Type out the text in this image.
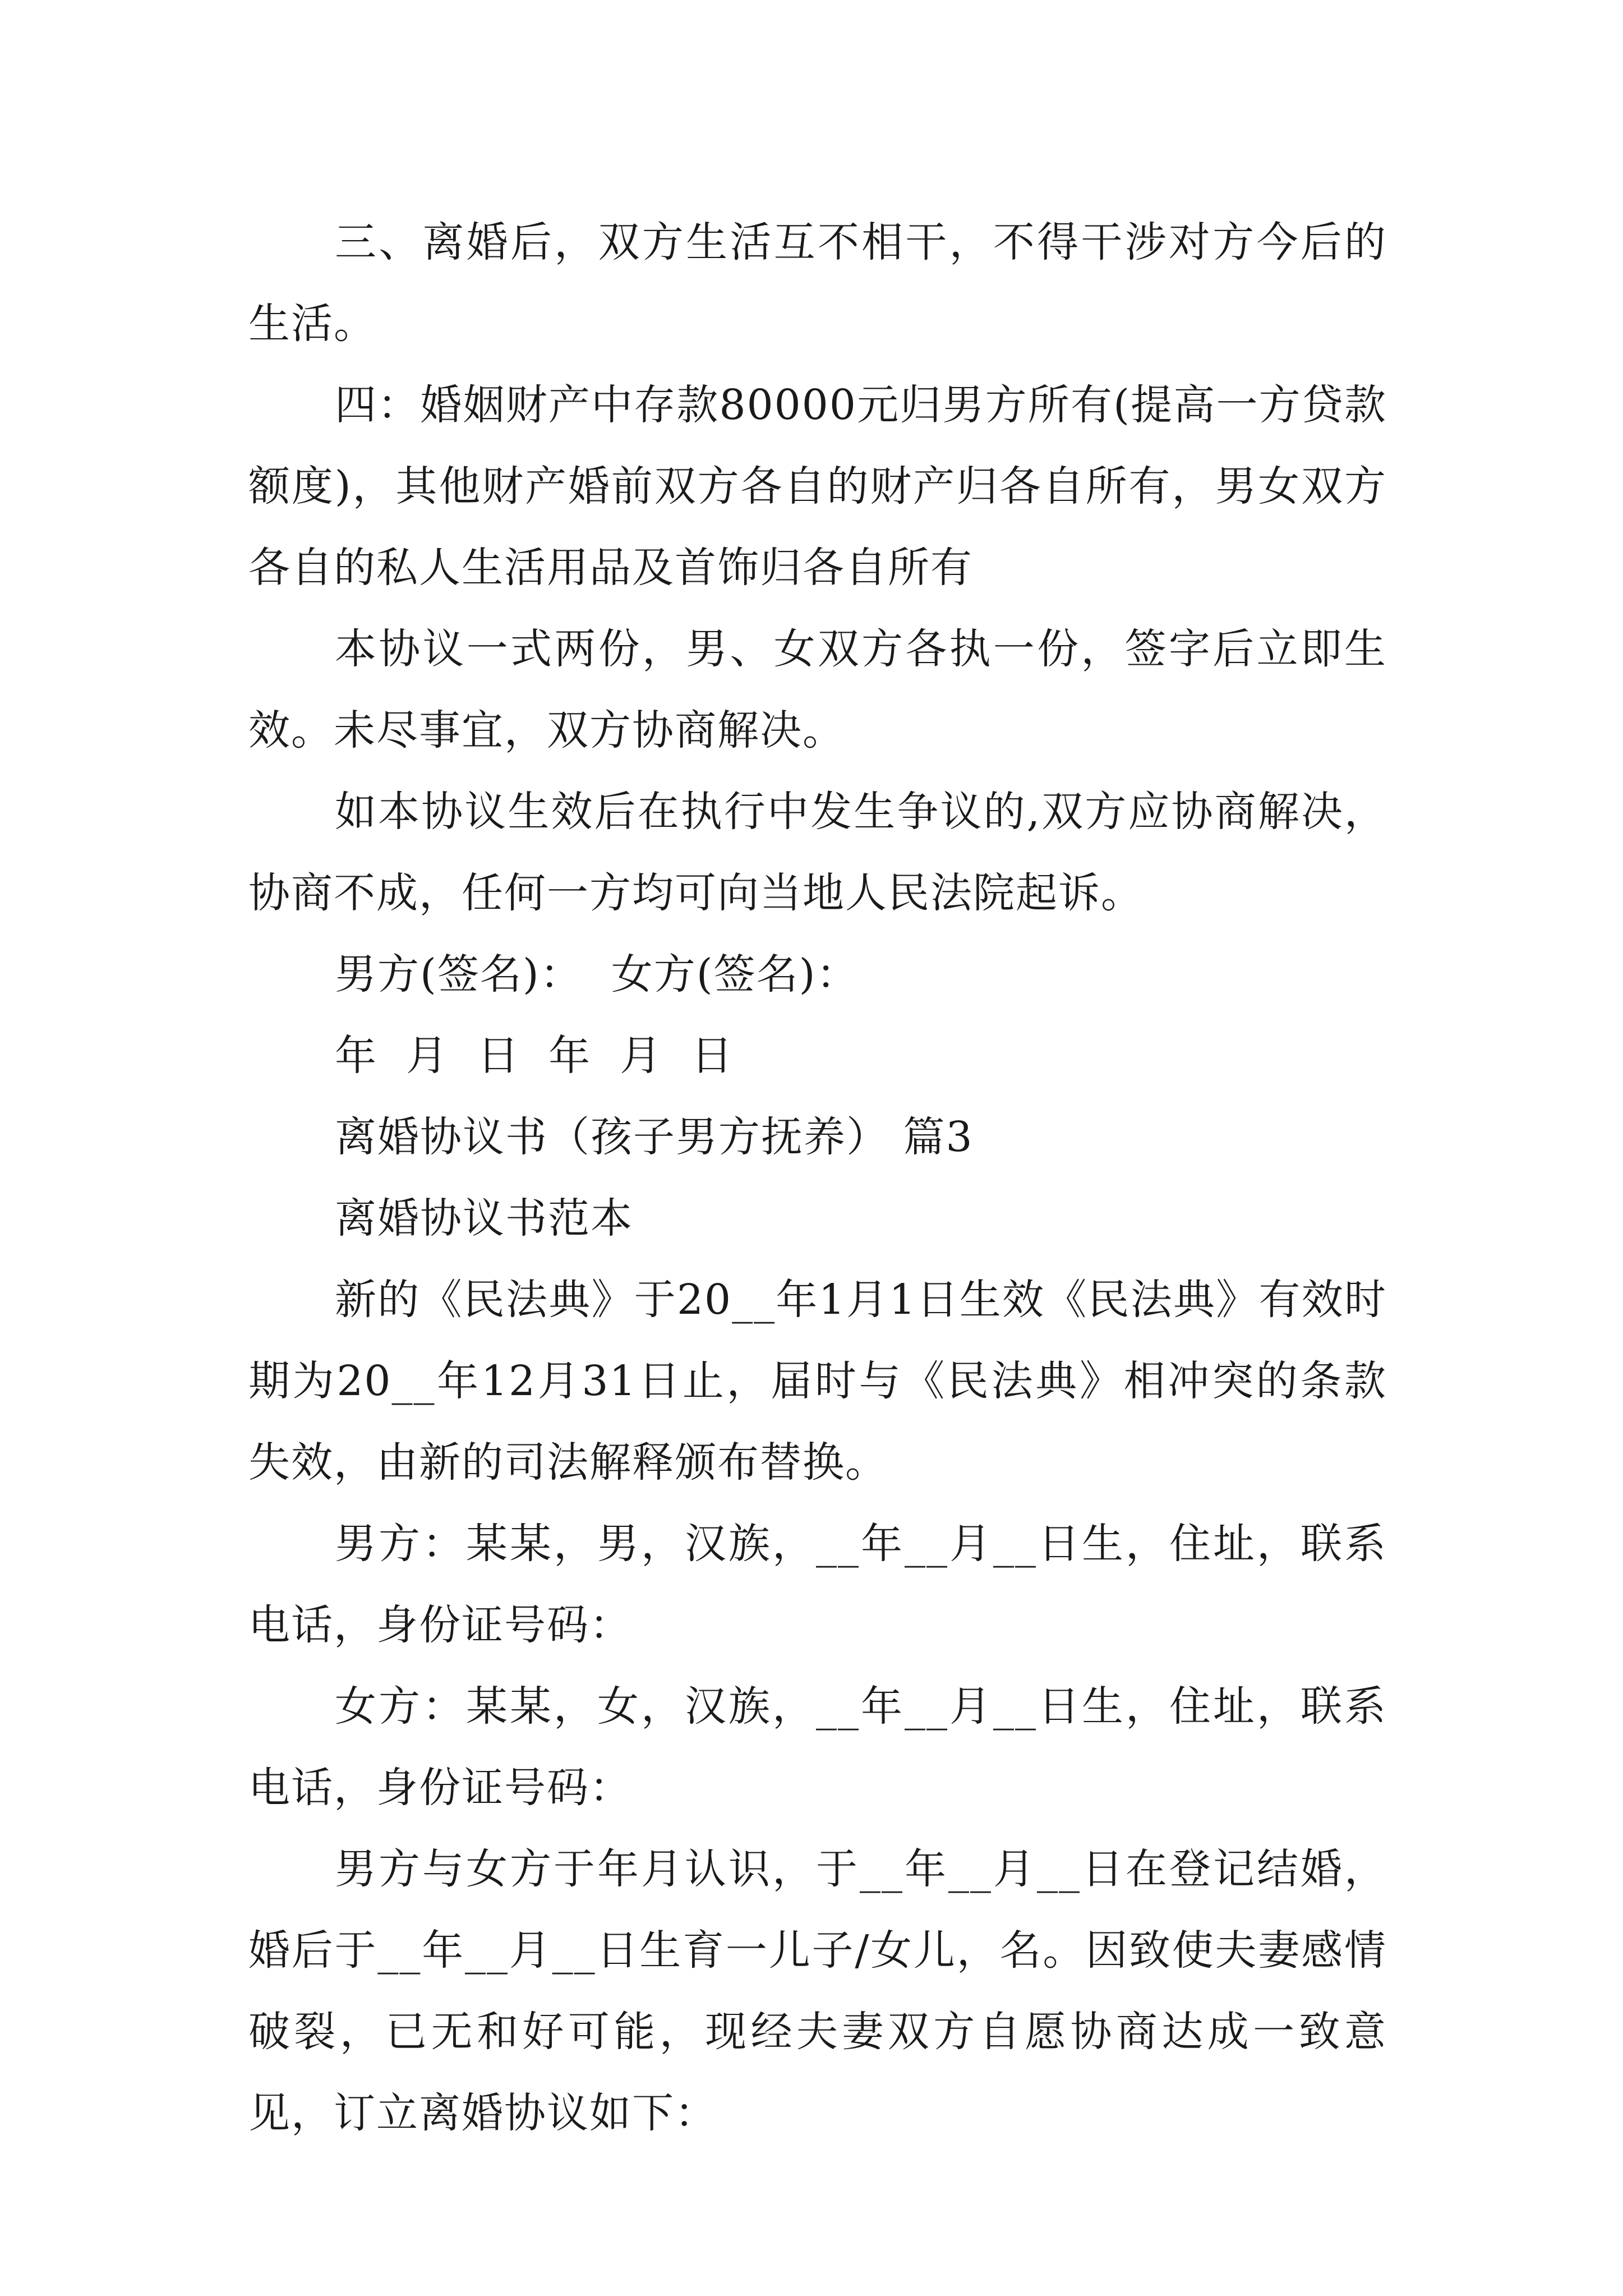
三、离婚后，双方生活互不相干，不得干涉对方今后的生活。

四：婚姻财产中存款80000元归男方所有(提高一方贷款额度)，其他财产婚前双方各自的财产归各自所有，男女双方各自的私人生活用品及首饰归各自所有

本协议一式两份，男、女双方各执一份，签字后立即生效。未尽事宜，双方协商解决。

如本协议生效后在执行中发生争议的,双方应协商解决，协商不成，任何一方均可向当地人民法院起诉。

男方(签名)：  女方(签名)：

年  月  日  年  月  日

离婚协议书（孩子男方抚养） 篇3

离婚协议书范本

新的《民法典》于20__年1月1日生效《民法典》有效时期为20__年12月31日止，届时与《民法典》相冲突的条款失效，由新的司法解释颁布替换。

男方：某某，男，汉族，__年__月__日生，住址，联系电话，身份证号码：

女方：某某，女，汉族，__年__月__日生，住址，联系电话，身份证号码：

男方与女方于年月认识，于__年__月__日在登记结婚，婚后于__年__月__日生育一儿子/女儿，名。因致使夫妻感情破裂，已无和好可能，现经夫妻双方自愿协商达成一致意见，订立离婚协议如下：
